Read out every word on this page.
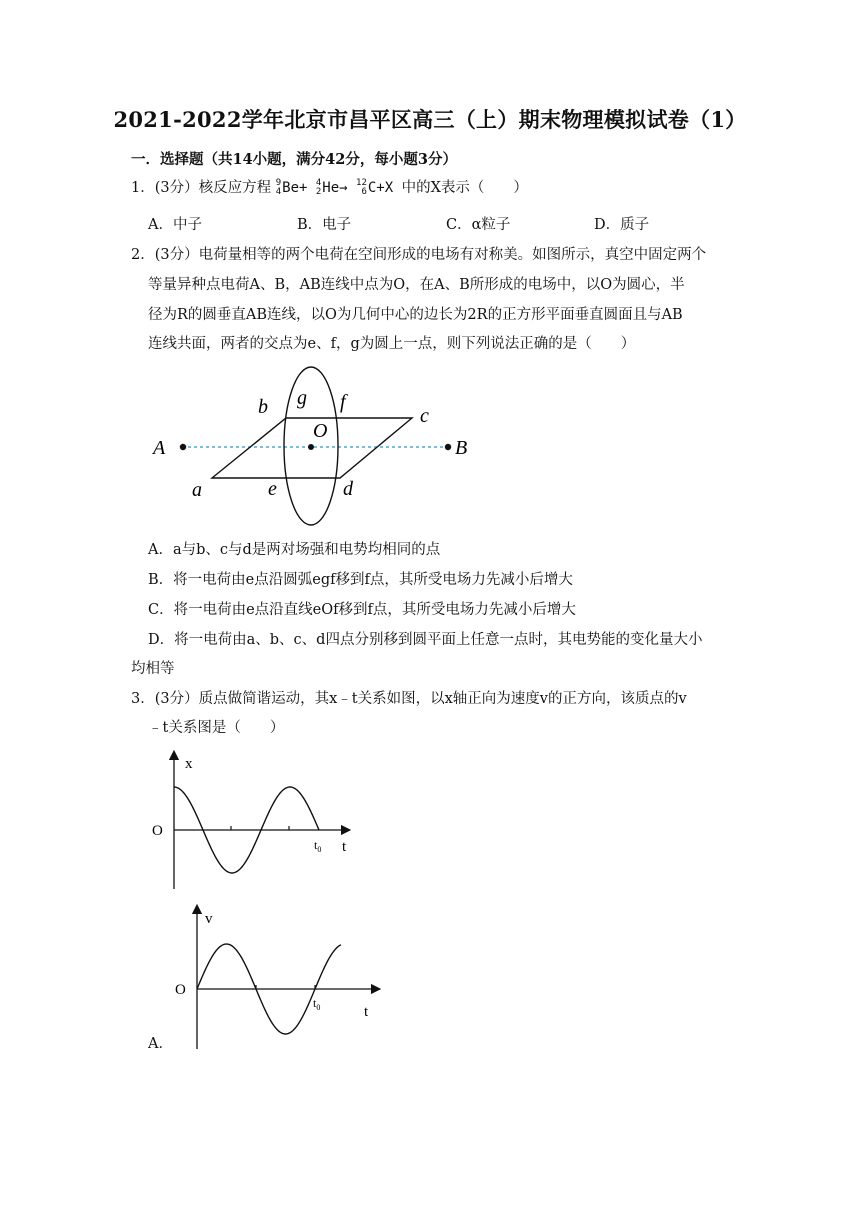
2021-2022学年北京市昌平区高三（上）期末物理模拟试卷（1）
一．选择题（共14小题，满分42分，每小题3分）
1．(3分）核反应方程 9
4 Be+ 4
2 He→ 12
6 C+X 中的X表示（　　）
A．中子	B．电子	C．α粒子	D．质子
2．(3分）电荷量相等的两个电荷在空间形成的电场有对称美。如图所示，真空中固定两个
等量异种点电荷A、B，AB连线中点为O，在A、B所形成的电场中，以O为圆心，半
径为R的圆垂直AB连线，以O为几何中心的边长为2R的正方形平面垂直圆面且与AB
连线共面，两者的交点为e、f，g为圆上一点，则下列说法正确的是（　　）
A	B
O
a
b	c
d
e
f
g
A．a与b、c与d是两对场强和电势均相同的点
B．将一电荷由e点沿圆弧egf移到f点，其所受电场力先减小后增大
C．将一电荷由e点沿直线eOf移到f点，其所受电场力先减小后增大
D．将一电荷由a、b、c、d四点分别移到圆平面上任意一点时，其电势能的变化量大小
均相等
3．(3分）质点做简谐运动，其x﹣t关系如图，以x轴正向为速度v的正方向，该质点的v
﹣t关系图是（　　）
x
t
O
$t_0$
v
t
O
$t_0$
A．
